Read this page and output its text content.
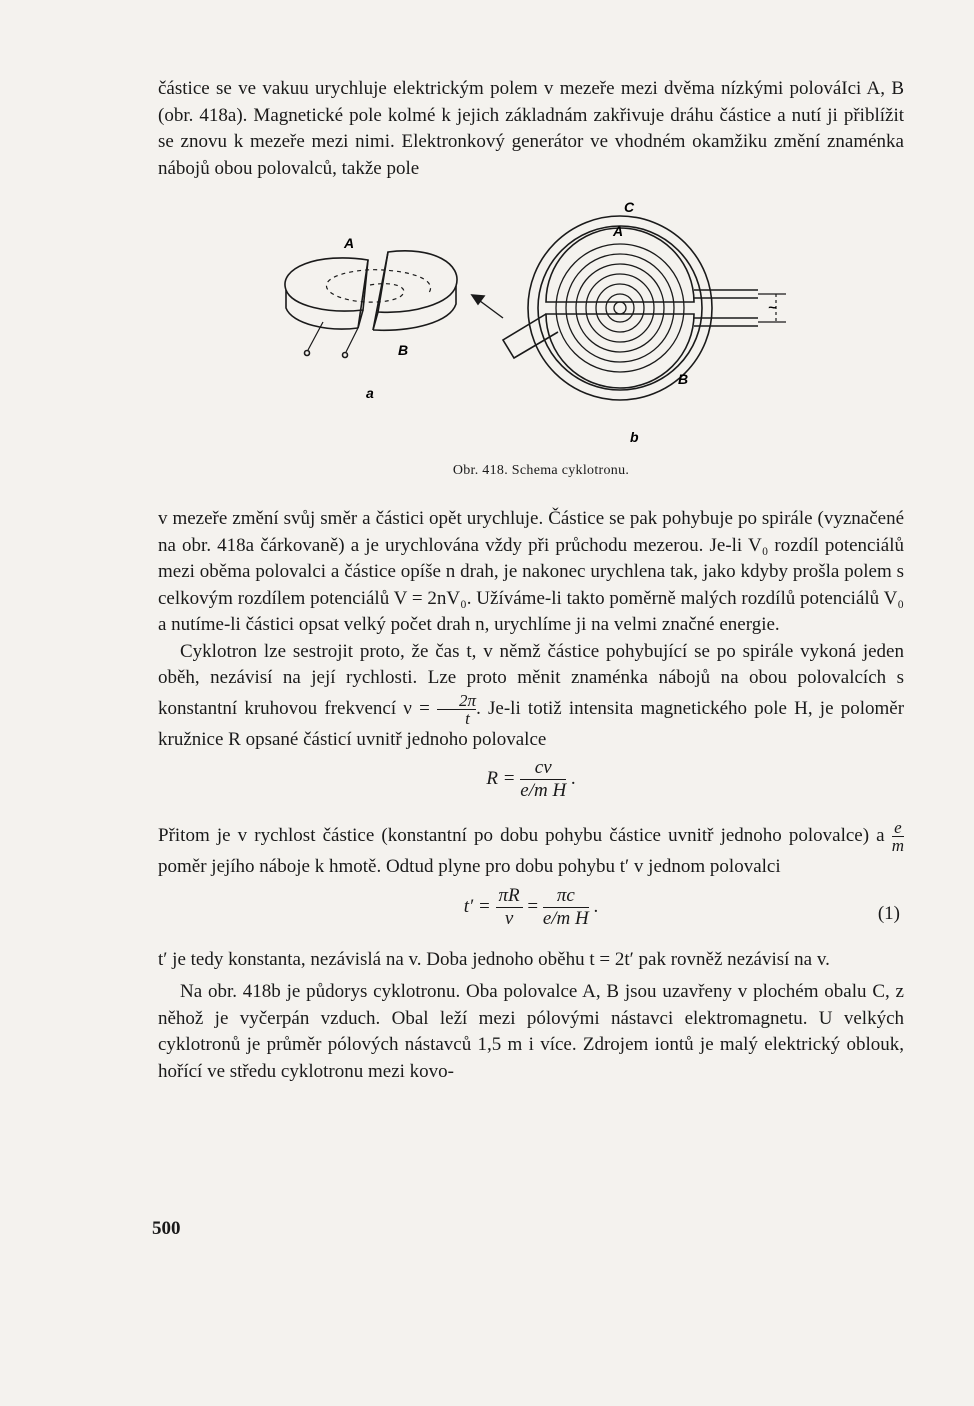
částice se ve vakuu urychluje elektrickým polem v mezeře mezi dvěma nízkými polováIci A, B (obr. 418a). Magnetické pole kolmé k jejich základnám zakřivuje dráhu částice a nutí ji přiblížit se znovu k mezeře mezi nimi. Elektronkový generátor ve vhodném okamžiku změní znaménka nábojů obou polovalců, takže pole

A
B
a
C
A
B
b
~
Obr. 418. Schema cyklotronu.

v mezeře změní svůj směr a částici opět urychluje. Částice se pak pohybuje po spirále (vyznačené na obr. 418a čárkovaně) a je urychlována vždy při průchodu mezerou. Je-li V₀ rozdíl potenciálů mezi oběma polovalci a částice opíše n drah, je nakonec urychlena tak, jako kdyby prošla polem s celkovým rozdílem potenciálů V = 2nV₀. Užíváme-li takto poměrně malých rozdílů potenciálů V₀ a nutíme-li částici opsat velký počet drah n, urychlíme ji na velmi značné energie.

Cyklotron lze sestrojit proto, že čas t, v němž částice pohybující se po spirále vykoná jeden oběh, nezávisí na její rychlosti. Lze proto měnit znaménka nábojů na obou polovalcích s konstantní kruhovou frekvencí $\nu = \frac{2\pi}{t}$ . Je-li totiž intensita magnetického pole H, je poloměr kružnice R opsané částicí uvnitř jednoho polovalce

$R = \frac{cv}{\text{e/m H}}$ .

Přitom je v rychlost částice (konstantní po dobu pohybu částice uvnitř jednoho polovalce) a $\frac{e}{m}$
poměr jejího náboje k hmotě. Odtud plyne pro dobu pohybu t′ v jednom polovalci

$t' = \frac{\pi R}{v} = \frac{\pi c}{\text{e/m H}}$ .	(1)

t′ je tedy konstanta, nezávislá na v. Doba jednoho oběhu t = 2t′ pak rovněž nezávisí na v.

Na obr. 418b je půdorys cyklotronu. Oba polovalce A, B jsou uzavřeny v plochém obalu C, z něhož je vyčerpán vzduch. Obal leží mezi pólovými nástavci elektromagnetu. U velkých cyklotronů je průměr pólových nástavců 1,5 m i více. Zdrojem iontů je malý elektrický oblouk, hořící ve středu cyklotronu mezi kovo-

500
